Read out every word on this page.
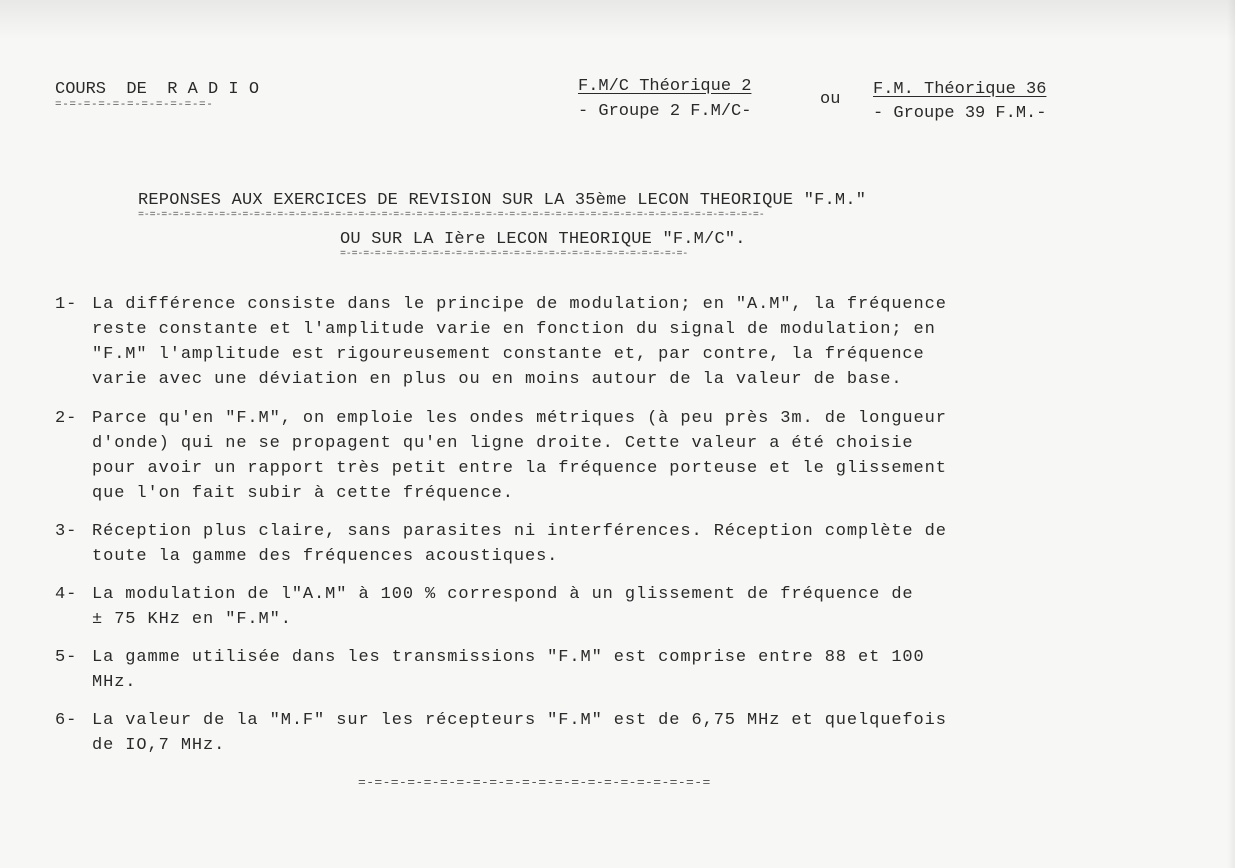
COURS  DE  R A D I O
=-=-=-=-=-=-=-=-=-=-=-
F.M/C Théorique 2
- Groupe 2 F.M/C-
ou
F.M. Théorique 36
- Groupe 39 F.M.-
REPONSES AUX EXERCICES DE REVISION SUR LA 35ème LECON THEORIQUE "F.M."
=-=-=-=-=-=-=-=-=-=-=-=-=-=-=-=-=-=-=-=-=-=-=-=-=-=-=-=-=-=-=-=-=-=-=-=-=-=-=-=-=-=-=-=-=-=-=-=-=-=-=-=-=-=-
OU SUR LA Ière LECON THEORIQUE "F.M/C".
=-=-=-=-=-=-=-=-=-=-=-=-=-=-=-=-=-=-=-=-=-=-=-=-=-=-=-=-=-=-

1-

La différence consiste dans le principe de modulation; en "A.M", la fréquence
reste constante et l'amplitude varie en fonction du signal de modulation; en
"F.M" l'amplitude est rigoureusement constante et, par contre, la fréquence
varie avec une déviation en plus ou en moins autour de la valeur de base.

2-

Parce qu'en "F.M", on emploie les ondes métriques (à peu près 3m. de longueur
d'onde) qui ne se propagent qu'en ligne droite. Cette valeur a été choisie
pour avoir un rapport très petit entre la fréquence porteuse et le glissement
que l'on fait subir à cette fréquence.

3-

Réception plus claire, sans parasites ni interférences. Réception complète de
toute la gamme des fréquences acoustiques.

4-

La modulation de l"A.M" à 100 % correspond à un glissement de fréquence de
± 75 KHz en "F.M".

5-

La gamme utilisée dans les transmissions "F.M" est comprise entre 88 et 100
MHz.

6-

La valeur de la "M.F" sur les récepteurs "F.M" est de 6,75 MHz et quelquefois
de IO,7 MHz.

=-=-=-=-=-=-=-=-=-=-=-=-=-=-=-=-=-=-=-=-=-=
